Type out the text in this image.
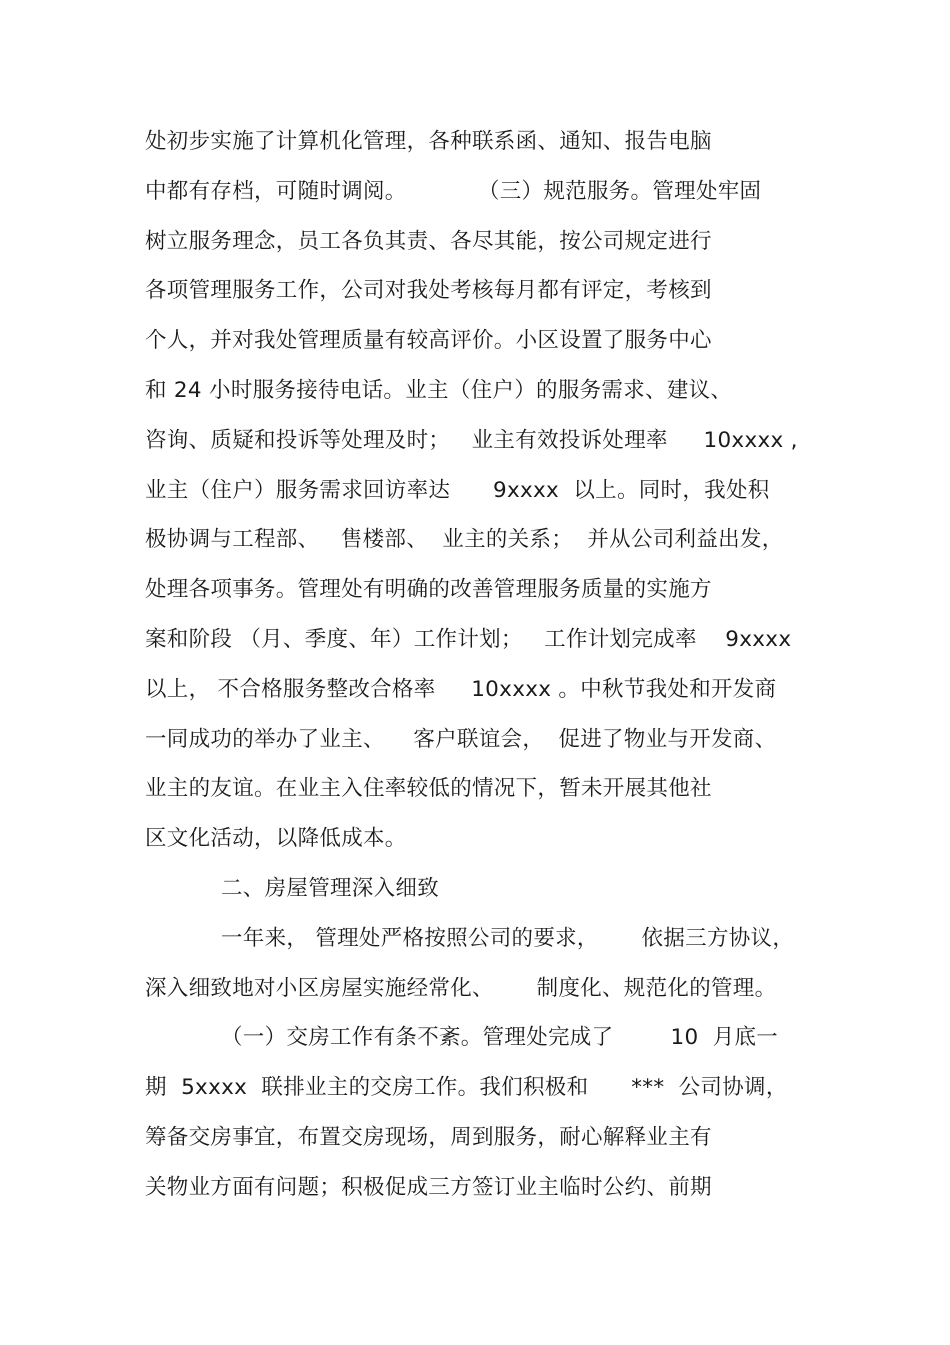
处初步实施了计算机化管理，各种联系函、通知、报告电脑
中都有存档，可随时调阅。          （三）规范服务。管理处牢固
树立服务理念，员工各负其责、各尽其能，按公司规定进行
各项管理服务工作，公司对我处考核每月都有评定，考核到
个人，并对我处管理质量有较高评价。小区设置了服务中心
和 24 小时服务接待电话。业主（住户）的服务需求、建议、
咨询、质疑和投诉等处理及时；   业主有效投诉处理率     10xxxx ,
业主（住户）服务需求回访率达      9xxxx  以上。同时，我处积
极协调与工程部、   售楼部、  业主的关系；  并从公司利益出发，
处理各项事务。管理处有明确的改善管理服务质量的实施方
案和阶段 （月、季度、年）工作计划；   工作计划完成率    9xxxx
以上， 不合格服务整改合格率     10xxxx 。中秋节我处和开发商
一同成功的举办了业主、    客户联谊会，  促进了物业与开发商、
业主的友谊。在业主入住率较低的情况下，暂未开展其他社
区文化活动，以降低成本。
二、房屋管理深入细致
一年来， 管理处严格按照公司的要求，      依据三方协议，
深入细致地对小区房屋实施经常化、      制度化、规范化的管理。
（一）交房工作有条不紊。管理处完成了        10  月底一
期  5xxxx  联排业主的交房工作。我们积极和      ***  公司协调，
筹备交房事宜，布置交房现场，周到服务，耐心解释业主有
关物业方面有问题；积极促成三方签订业主临时公约、前期
